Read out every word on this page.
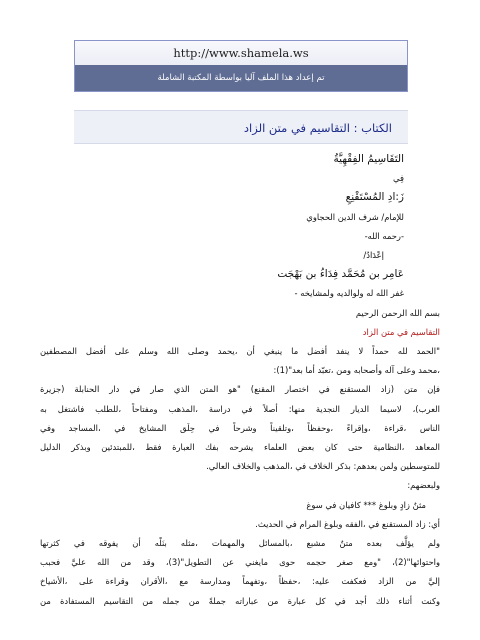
http://www.shamela.ws
تم إعداد هذا الملف آليا بواسطة المكتبة الشاملة
الكتاب : التقاسيم في متن الزاد
التَقَاسِيمُ الفِقْهِيَّةُ
فِي
زَ:ادِ المُسْتَقْنِعِ
للإمام/ شرف الدين الحجاوي
-رحمه الله-
إعْدَادُ/
عَامِر بن مُحَمَّد فِدَاءُ بن بَهْجَت
غفر الله له ولوالديه ولمشايخه -
بسم الله الرحمن الرحيم
التقاسيم في متن الزاد
"الحمد لله حمداً لا ينفد أفضل ما ينبغي أن ،يحمد وصلى الله وسلم على أفضل المصطفين
،محمد وعلى آله وأصحابه ومن ،تعبّد أما بعد"(1):
فإن متن (زاد المستقنع في اختصار المقنع) "هو المتن الذي صار في دار الحنابلة (جزيرة
العرب)، لاسيما الديار النجدية منها: أصلاً في دراسة ،المذهب ومفتاحاً ،للطلب فاشتغل به
الناس ،قراءة ،وإقراءً ،وحفظاً ،وتلقيناً وشرحاً في حِلَق المشايخ في ،المساجد وفي
المعاهد ،النظامية حتى كان بعض العلماء يشرحه بفك العبارة فقط ،للمبتدئين وبذكر الدليل
للمتوسطين ولمن بعدهم: بذكر الخلاف في ،المذهب والخلاف العالي.
ولبعضهم:
مثنٌ زادٍ وبلوغ *** كافيان في سوغ
أي: زاد المستقنع في ،الفقه وبلوغ المرام في الحديث.
ولم يؤلَّف بعده متنٌ مشبع ،بالمسائل والمهمات ،مثله بنَلْه أن يفوقه في كثرتها
واحتوائها"(2)، "ومع صغر حجمه حوى مايغني عن التطويل"(3)، وقد من الله عليَّ فحبب
إليَّ من الزاد فعكفت عليه: ،حفظاً ،وتفهماً ومدارسة مع ،الأقران وقراءة على ،الأشياخ
وكنت أثناء ذلك أجد في كل عبارة من عباراته جملةً من جمله من التقاسيم المستفادة من
